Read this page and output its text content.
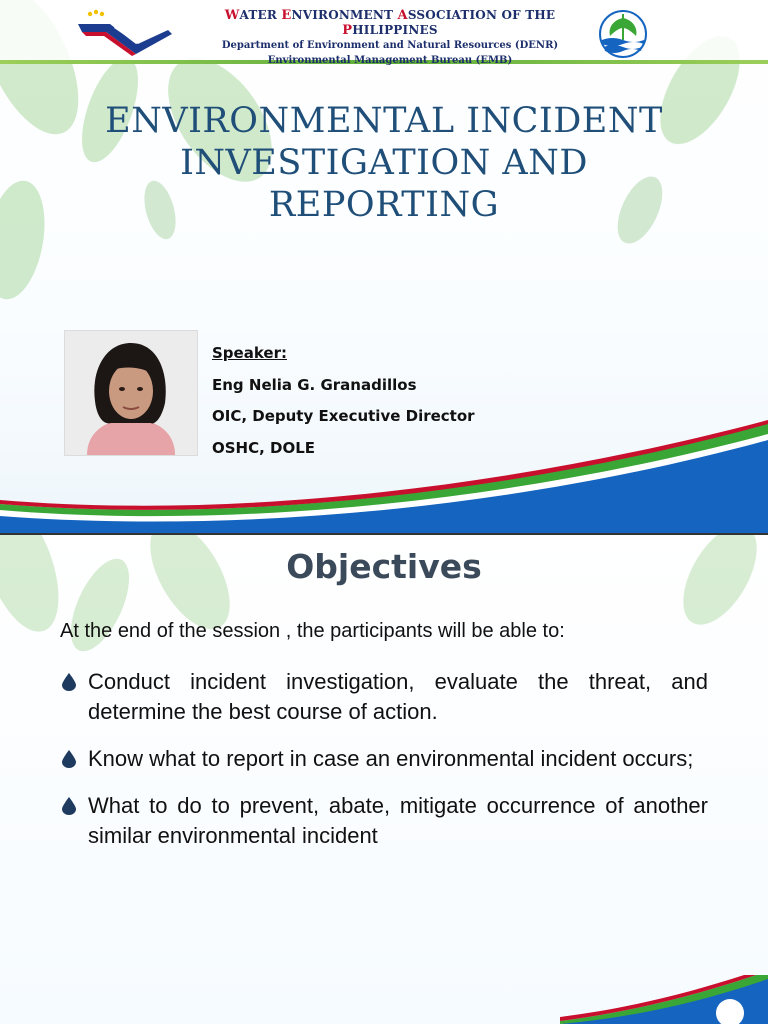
WATER ENVIRONMENT ASSOCIATION OF THE PHILIPPINES
Department of Environment and Natural Resources (DENR)
Environmental Management Bureau (EMB)
ENVIRONMENTAL INCIDENT
INVESTIGATION AND
REPORTING
Speaker:
Eng Nelia G. Granadillos
OIC, Deputy Executive Director
OSHC, DOLE
Objectives
At the end of the session , the participants will be able to:
Conduct incident investigation, evaluate the threat, and determine the best course of action.
Know what to report in case an environmental incident occurs;
What to do to prevent, abate, mitigate occurrence of another similar environmental incident
